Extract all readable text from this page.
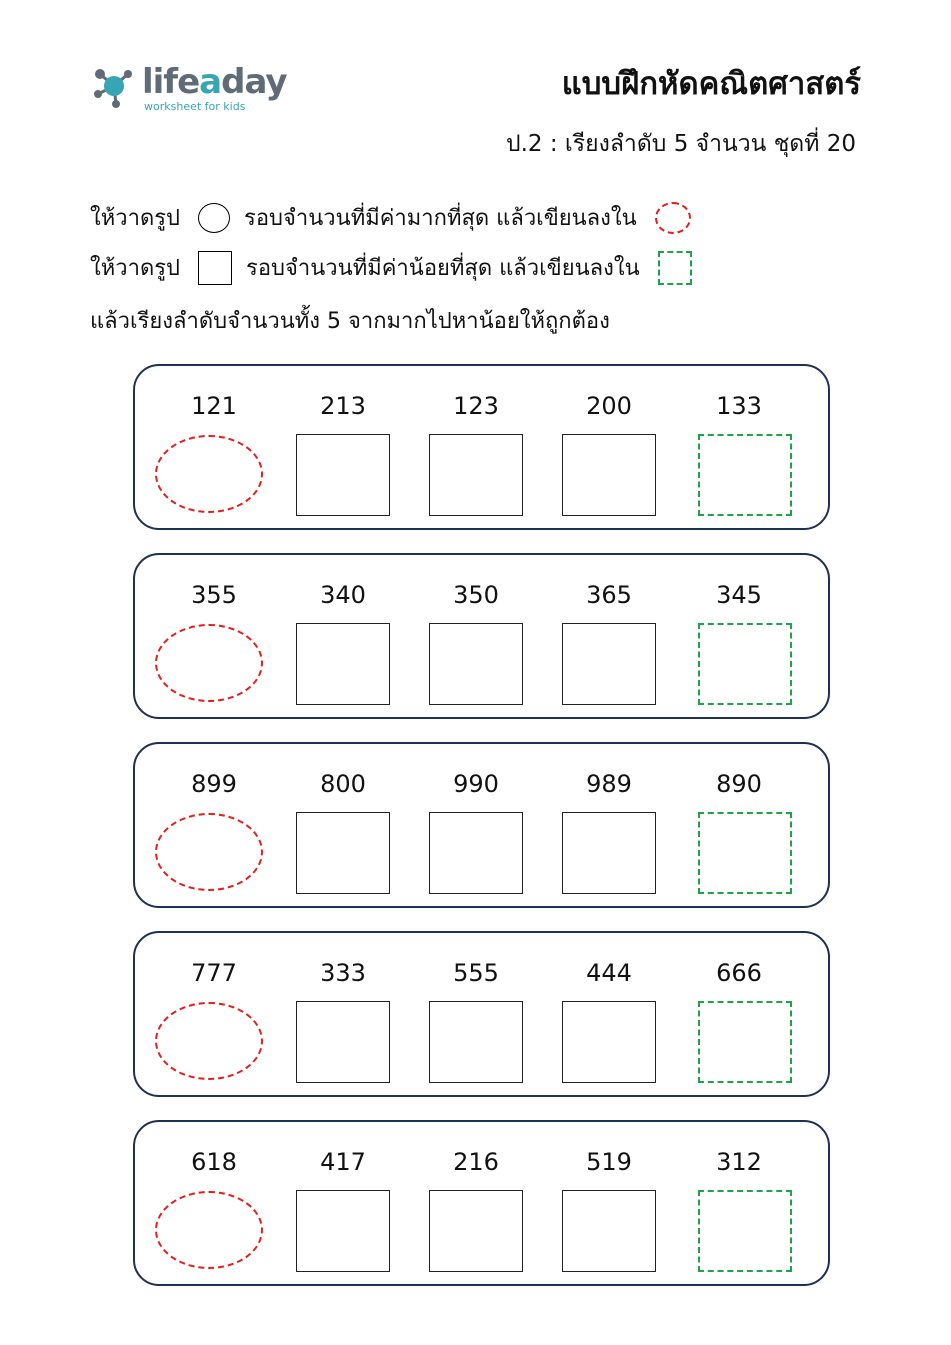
lifeaday
worksheet for kids
แบบฝึกหัดคณิตศาสตร์
ป.2 : เรียงลำดับ 5 จำนวน ชุดที่ 20
ให้วาดรูป	รอบจำนวนที่มีค่ามากที่สุด แล้วเขียนลงใน
ให้วาดรูป	รอบจำนวนที่มีค่าน้อยที่สุด แล้วเขียนลงใน
แล้วเรียงลำดับจำนวนทั้ง 5 จากมากไปหาน้อยให้ถูกต้อง
121	213	123	200	133
355	340	350	365	345
899	800	990	989	890
777	333	555	444	666
618	417	216	519	312
